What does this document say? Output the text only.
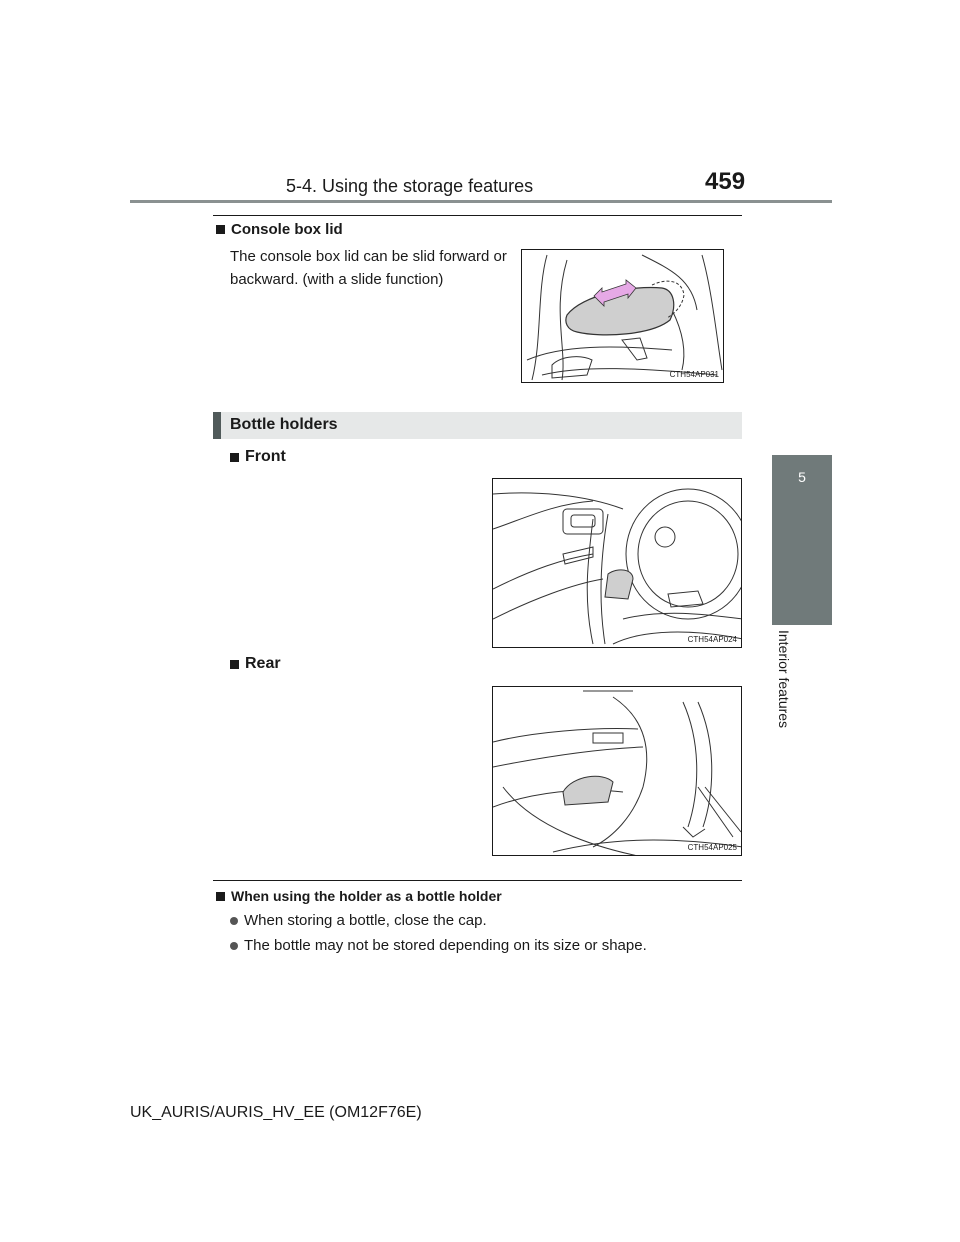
5-4. Using the storage features	459
5
Interior features
Console box lid
The console box lid can be slid forward or
backward. (with a slide function)
CTH54AP031
Bottle holders
Front
CTH54AP024
Rear
CTH54AP025
When using the holder as a bottle holder
When storing a bottle, close the cap.
The bottle may not be stored depending on its size or shape.
UK_AURIS/AURIS_HV_EE (OM12F76E)
